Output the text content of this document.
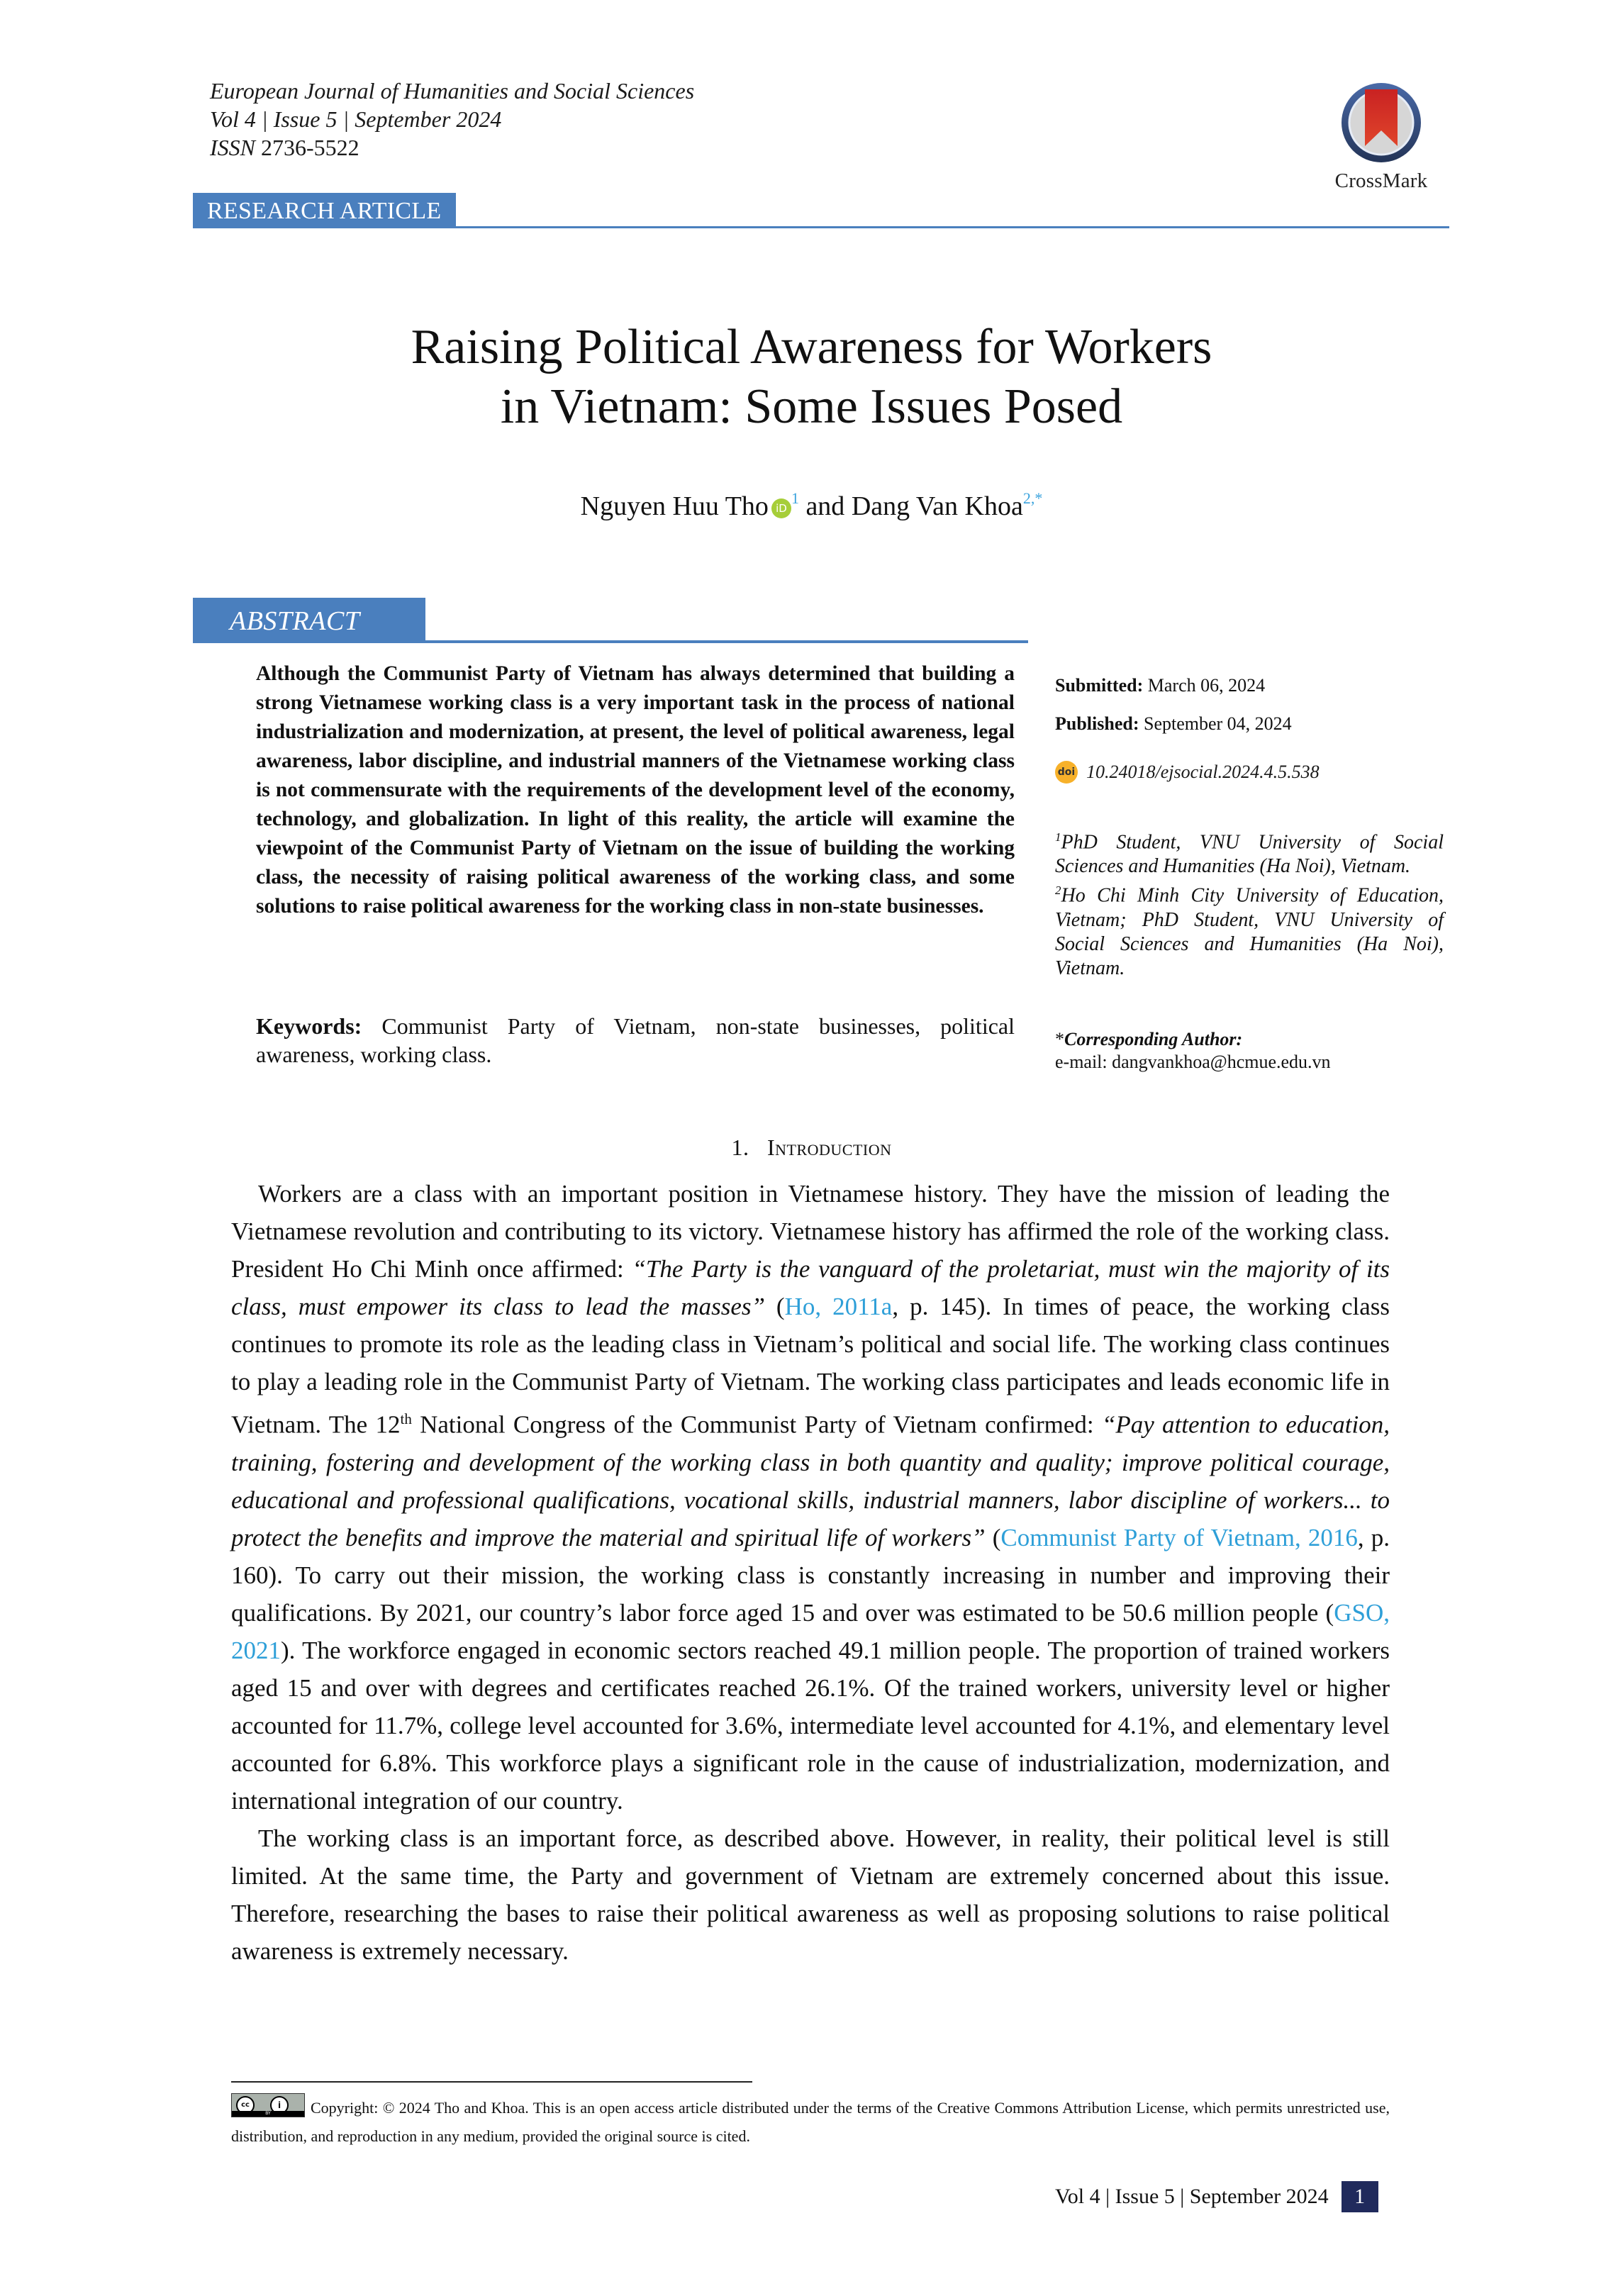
European Journal of Humanities and Social Sciences
Vol 4 | Issue 5 | September 2024
ISSN 2736-5522
CrossMark
RESEARCH ARTICLE
Raising Political Awareness for Workers
in Vietnam: Some Issues Posed
Nguyen Huu Tho $iD^1$ and Dang Van Khoa$^{2,*}$
ABSTRACT
Although the Communist Party of Vietnam has always determined that building a strong Vietnamese working class is a very important task in the process of national industrialization and modernization, at present, the level of political awareness, legal awareness, labor discipline, and industrial manners of the Vietnamese working class is not commensurate with the requirements of the development level of the economy, technology, and globalization. In light of this reality, the article will examine the viewpoint of the Communist Party of Vietnam on the issue of building the working class, the necessity of raising political awareness of the working class, and some solutions to raise political awareness for the working class in non-state businesses.
Keywords: Communist Party of Vietnam, non-state businesses, political awareness, working class.
Submitted: March 06, 2024
Published: September 04, 2024
doi 10.24018/ejsocial.2024.4.5.538
$^1$PhD Student, VNU University of Social Sciences and Humanities (Ha Noi), Vietnam.
$^2$Ho Chi Minh City University of Education, Vietnam; PhD Student, VNU University of Social Sciences and Humanities (Ha Noi), Vietnam.
*Corresponding Author:
e-mail: dangvankhoa@hcmue.edu.vn
1. Introduction

Workers are a class with an important position in Vietnamese history. They have the mission of leading the Vietnamese revolution and contributing to its victory. Vietnamese history has affirmed the role of the working class. President Ho Chi Minh once affirmed: “The Party is the vanguard of the proletariat, must win the majority of its class, must empower its class to lead the masses” (Ho, 2011a, p. 145). In times of peace, the working class continues to promote its role as the leading class in Vietnam’s political and social life. The working class continues to play a leading role in the Communist Party of Vietnam. The working class participates and leads economic life in Vietnam. The 12th National Congress of the Communist Party of Vietnam confirmed: “Pay attention to education, training, fostering and development of the working class in both quantity and quality; improve political courage, educational and professional qualifications, vocational skills, industrial manners, labor discipline of workers... to protect the benefits and improve the material and spiritual life of workers” (Communist Party of Vietnam, 2016, p. 160). To carry out their mission, the working class is constantly increasing in number and improving their qualifications. By 2021, our country’s labor force aged 15 and over was estimated to be 50.6 million people (GSO, 2021). The workforce engaged in economic sectors reached 49.1 million people. The proportion of trained workers aged 15 and over with degrees and certificates reached 26.1%. Of the trained workers, university level or higher accounted for 11.7%, college level accounted for 3.6%, intermediate level accounted for 4.1%, and elementary level accounted for 6.8%. This workforce plays a significant role in the cause of industrialization, modernization, and international integration of our country.

The working class is an important force, as described above. However, in reality, their political level is still limited. At the same time, the Party and government of Vietnam are extremely concerned about this issue. Therefore, researching the bases to raise their political awareness as well as proposing solutions to raise political awareness is extremely necessary.

cc	i
BY	Copyright: © 2024 Tho and Khoa. This is an open access article distributed under the terms of the Creative Commons Attribution License, which permits unrestricted use, distribution, and reproduction in any medium, provided the original source is cited.
Vol 4 | Issue 5 | September 2024	1
